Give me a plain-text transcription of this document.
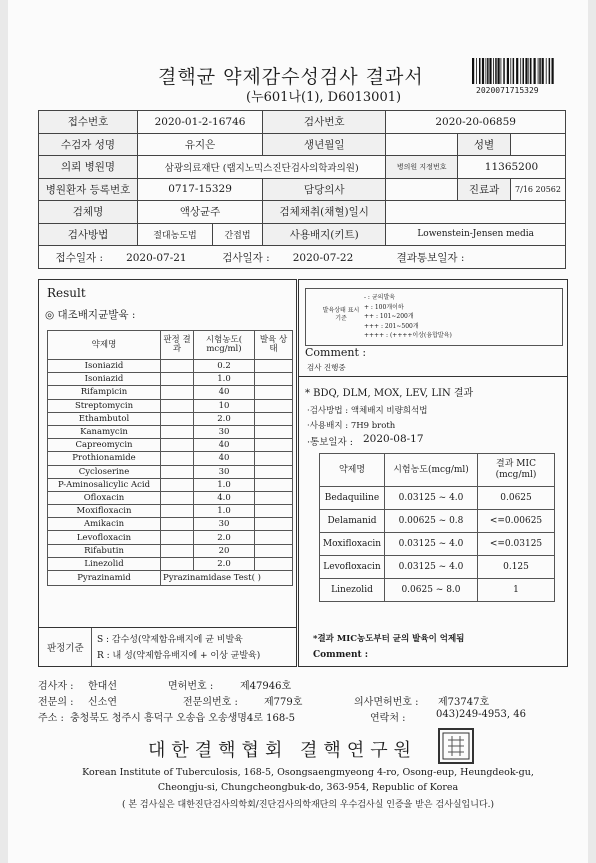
결핵균 약제감수성검사 결과서
(누601나(1), D6013001)	2020071715329
접수번호	2020-01-2-16746		검사번호	2020-20-06859		
수검자 성명	유지은		생년월일		성별	
의뢰 병원명	삼광의료재단 (랩지노믹스진단검사의학과의원)			병의원 지정번호	11365200	
병원환자 등록번호	0717-15329		담당의사		진료과	7/16 20562
검체명	액상균주		검체채취(채혈)일시			
검사방법	절대농도법	간접법	사용배지(키트)	Lowenstein-Jensen media		
접수일자 : 2020-07-21 검사일자 : 2020-07-22 결과통보일자 :						
Result
◎ 대조배지균발육 :
약제명	판정 결과	시험농도( mcg/ml)	발육 상태
Isoniazid		0.2	
Isoniazid		1.0	
Rifampicin		40	
Streptomycin		10	
Ethambutol		2.0	
Kanamycin		30	
Capreomycin		40	
Prothionamide		40	
Cycloserine		30	
P-Aminosalicylic Acid		1.0	
Ofloxacin		4.0	
Moxifloxacin		1.0	
Amikacin		30	
Levofloxacin		2.0	
Rifabutin		20	
Linezolid		2.0	
Pyrazinamid	Pyrazinamidase Test( )		
판정기준
S : 감수성(약제함유배지에 균 비발육
R : 내 성(약제함유배지에 + 이상 균발육)
발육상태 표시기준
- : 균의발육
+ : 100개이하
++ : 101~200개
+++ : 201~500개
++++ : (++++이상(융합발육)
Comment :
검사 진행중
* BDQ, DLM, MOX, LEV, LIN 결과
·검사방법 : 액체배지 비량희석법
·사용배지 : 7H9 broth
·통보일자 : 2020-08-17
약제명	시험농도(mcg/ml)	결과 MIC (mcg/ml)
Bedaquiline	0.03125 ~ 4.0	0.0625
Delamanid	0.00625 ~ 0.8	<=0.00625
Moxifloxacin	0.03125 ~ 4.0	<=0.03125
Levofloxacin	0.03125 ~ 4.0	0.125
Linezolid	0.0625 ~ 8.0	1
*결과 MIC농도부터 균의 발육이 억제됨
Comment :
검사자 : 한대선	면허번호 :	제47946호
전문의 : 신소연	전문의번호 :	제779호	의사면허번호 : 제73747호
주소 : 충청북도 청주시 흥덕구 오송읍 오송생명4로 168-5	연락처 :	043)249-4953, 46
대한결핵협회 결핵연구원
Korean Institute of Tuberculosis, 168-5, Osongsaengmyeong 4-ro, Osong-eup, Heungdeok-gu,
Cheongju-si, Chungcheongbuk-do, 363-954, Republic of Korea
( 본 검사실은 대한진단검사의학회/진단검사의학재단의 우수검사실 인증을 받은 검사실입니다.)
